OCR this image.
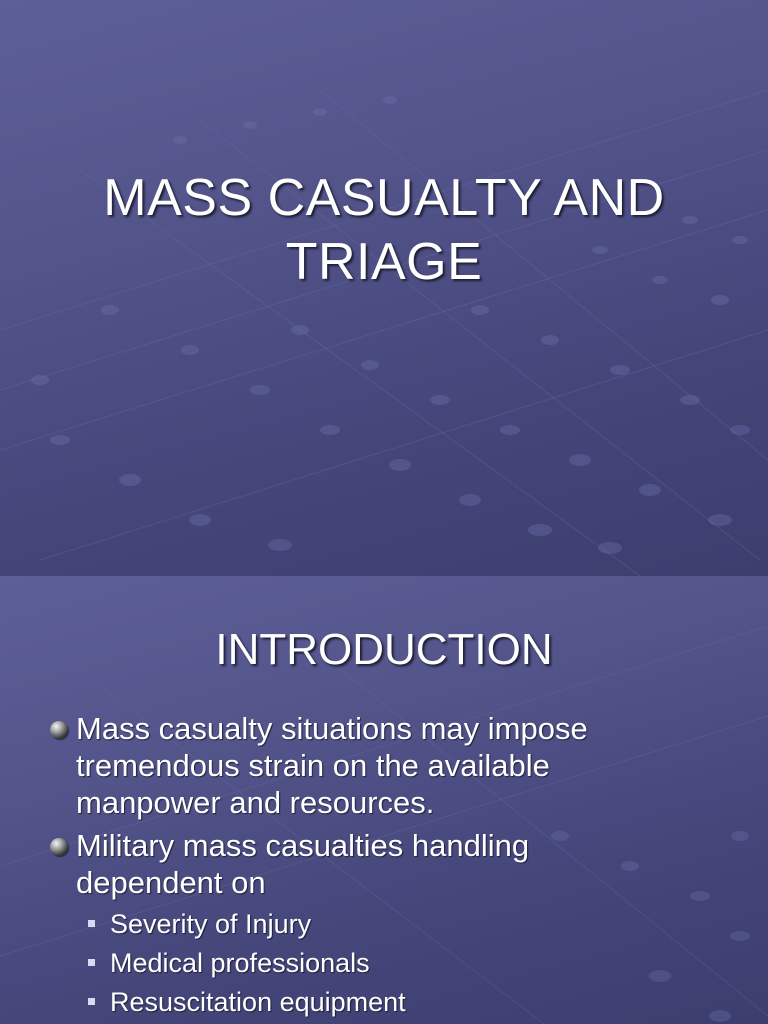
MASS CASUALTY AND
TRIAGE
INTRODUCTION
Mass casualty situations may impose
tremendous strain on the available
manpower and resources.
Military mass casualties handling
dependent on
Severity of Injury
Medical professionals
Resuscitation equipment
